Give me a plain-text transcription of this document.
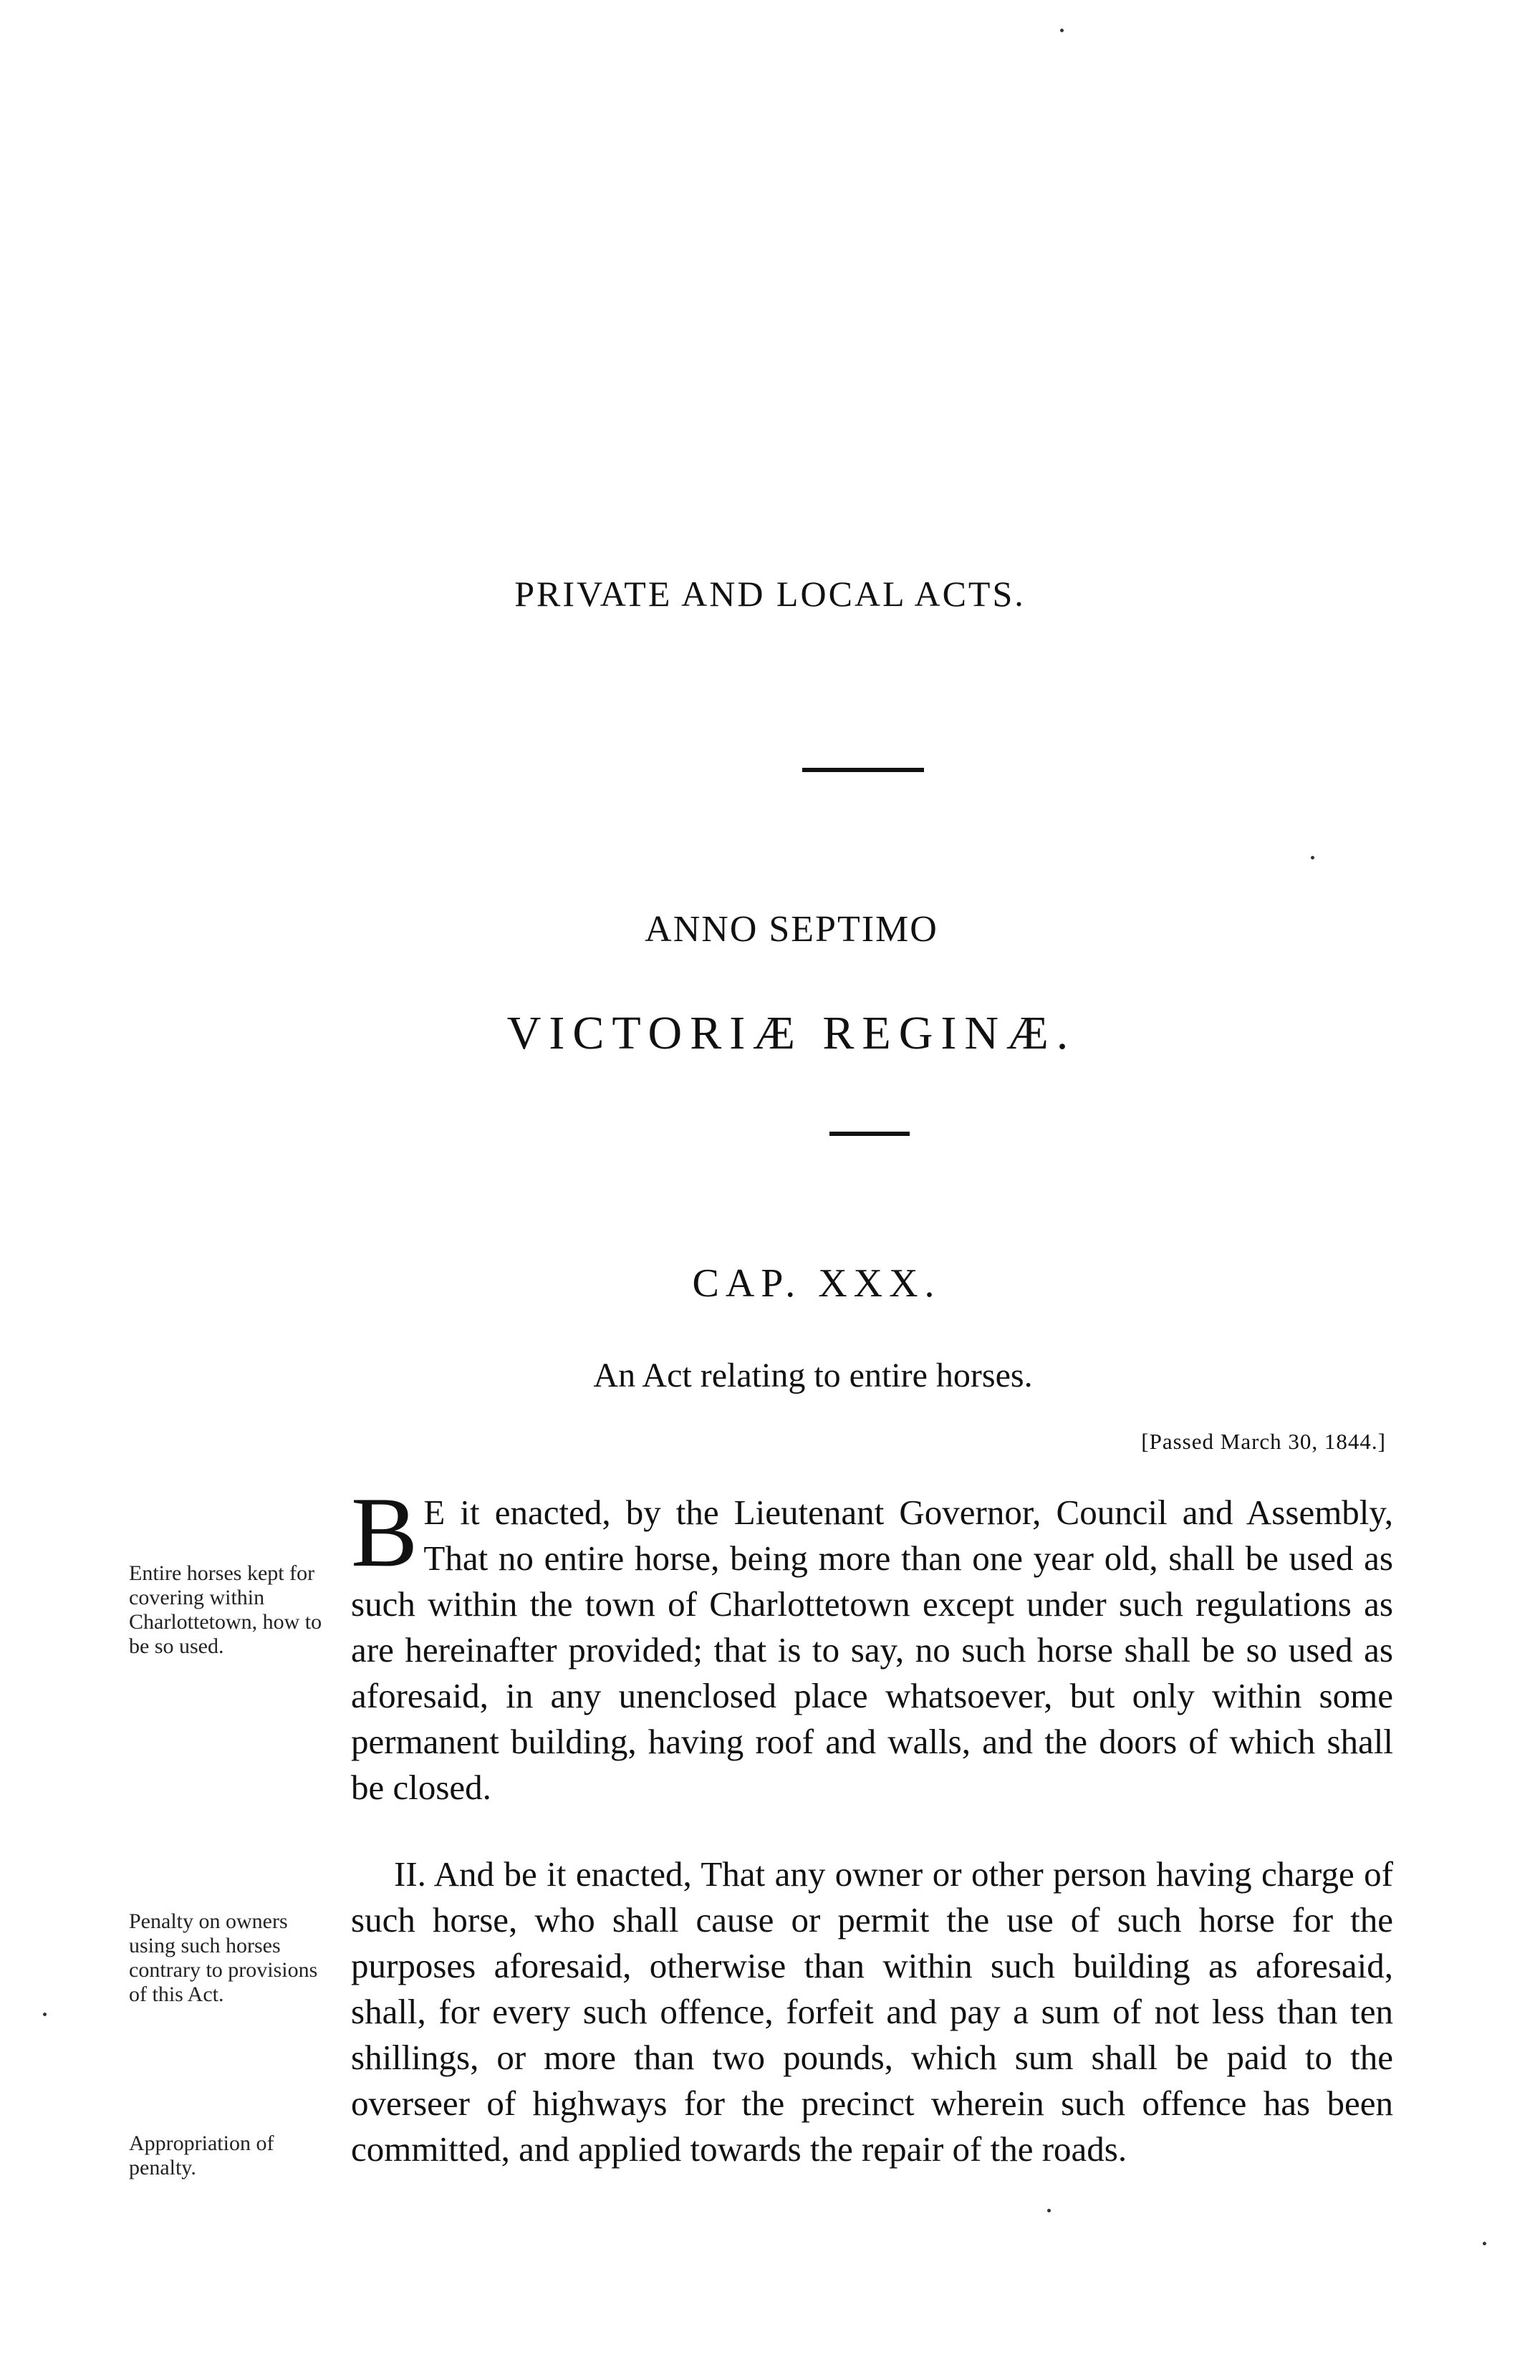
PRIVATE AND LOCAL ACTS.
ANNO SEPTIMO
VICTORIÆ REGINÆ.
CAP. XXX.
An Act relating to entire horses.
[Passed March 30, 1844.]
Entire horses kept for covering within Charlottetown, how to be so used.
B E it enacted, by the Lieutenant Governor, Council and Assembly, That no entire horse, being more than one year old, shall be used as such within the town of Charlottetown except under such regulations as are hereinafter provided; that is to say, no such horse shall be so used as aforesaid, in any unenclosed place whatsoever, but only within some permanent building, having roof and walls, and the doors of which shall be closed.
Penalty on owners using such horses contrary to provisions of this Act.
Appropriation of penalty.
II. And be it enacted, That any owner or other person having charge of such horse, who shall cause or permit the use of such horse for the purposes aforesaid, otherwise than within such building as aforesaid, shall, for every such offence, forfeit and pay a sum of not less than ten shillings, or more than two pounds, which sum shall be paid to the overseer of highways for the precinct wherein such offence has been committed, and applied towards the repair of the roads.
